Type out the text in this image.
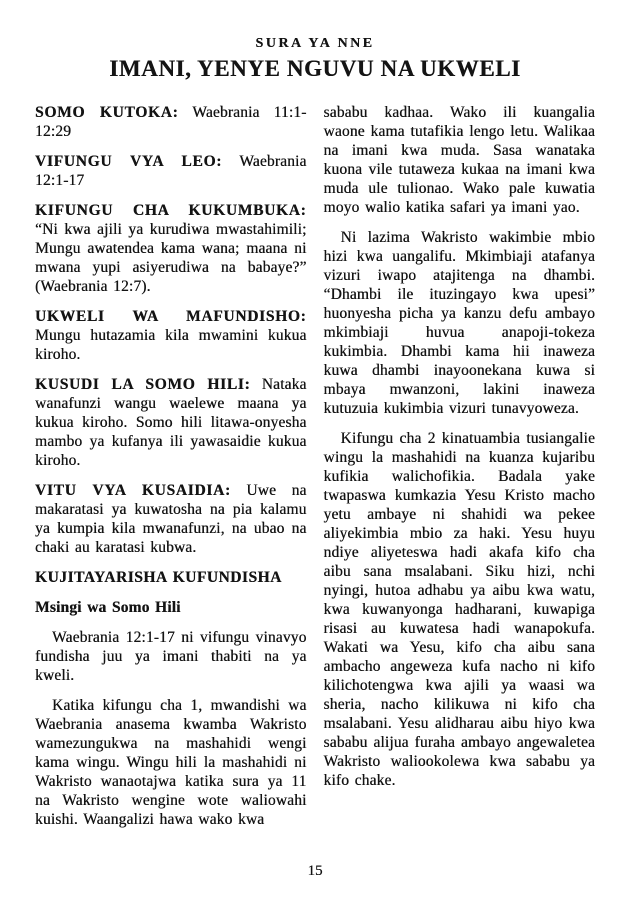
SURA YA NNE
IMANI, YENYE NGUVU NA UKWELI
SOMO KUTOKA: Waebrania 11:1-12:29
VIFUNGU VYA LEO: Waebrania 12:1-17
KIFUNGU CHA KUKUMBUKA: “Ni kwa ajili ya kurudiwa mwastahimili; Mungu awatendea kama wana; maana ni mwana yupi asiyerudiwa na babaye?” (Waebrania 12:7).
UKWELI WA MAFUNDISHO: Mungu hutazamia kila mwamini kukua kiroho.
KUSUDI LA SOMO HILI: Nataka wanafunzi wangu waelewe maana ya kukua kiroho. Somo hili litawa-onyesha mambo ya kufanya ili yawasaidie kukua kiroho.
VITU VYA KUSAIDIA: Uwe na makaratasi ya kuwatosha na pia kalamu ya kumpia kila mwanafunzi, na ubao na chaki au karatasi kubwa.
KUJITAYARISHA KUFUNDISHA
Msingi wa Somo Hili

Waebrania 12:1-17 ni vifungu vinavyo fundisha juu ya imani thabiti na ya kweli.

Katika kifungu cha 1, mwandishi wa Waebrania anasema kwamba Wakristo wamezungukwa na mashahidi wengi kama wingu. Wingu hili la mashahidi ni Wakristo wanaotajwa katika sura ya 11 na Wakristo wengine wote waliowahi kuishi. Waangalizi hawa wako kwa

sababu kadhaa. Wako ili kuangalia waone kama tutafikia lengo letu. Walikaa na imani kwa muda. Sasa wanataka kuona vile tutaweza kukaa na imani kwa muda ule tulionao. Wako pale kuwatia moyo walio katika safari ya imani yao.

Ni lazima Wakristo wakimbie mbio hizi kwa uangalifu. Mkimbiaji atafanya vizuri iwapo atajitenga na dhambi. “Dhambi ile ituzingayo kwa upesi” huonyesha picha ya kanzu defu ambayo mkimbiaji huvua anapoji-tokeza kukimbia. Dhambi kama hii inaweza kuwa dhambi inayoonekana kuwa si mbaya mwanzoni, lakini inaweza kutuzuia kukimbia vizuri tunavyoweza.

Kifungu cha 2 kinatuambia tusiangalie wingu la mashahidi na kuanza kujaribu kufikia walichofikia. Badala yake twapaswa kumkazia Yesu Kristo macho yetu ambaye ni shahidi wa pekee aliyekimbia mbio za haki. Yesu huyu ndiye aliyeteswa hadi akafa kifo cha aibu sana msalabani. Siku hizi, nchi nyingi, hutoa adhabu ya aibu kwa watu, kwa kuwanyonga hadharani, kuwapiga risasi au kuwatesa hadi wanapokufa. Wakati wa Yesu, kifo cha aibu sana ambacho angeweza kufa nacho ni kifo kilichotengwa kwa ajili ya waasi wa sheria, nacho kilikuwa ni kifo cha msalabani. Yesu alidharau aibu hiyo kwa sababu alijua furaha ambayo angewaletea Wakristo waliookolewa kwa sababu ya kifo chake.

15
